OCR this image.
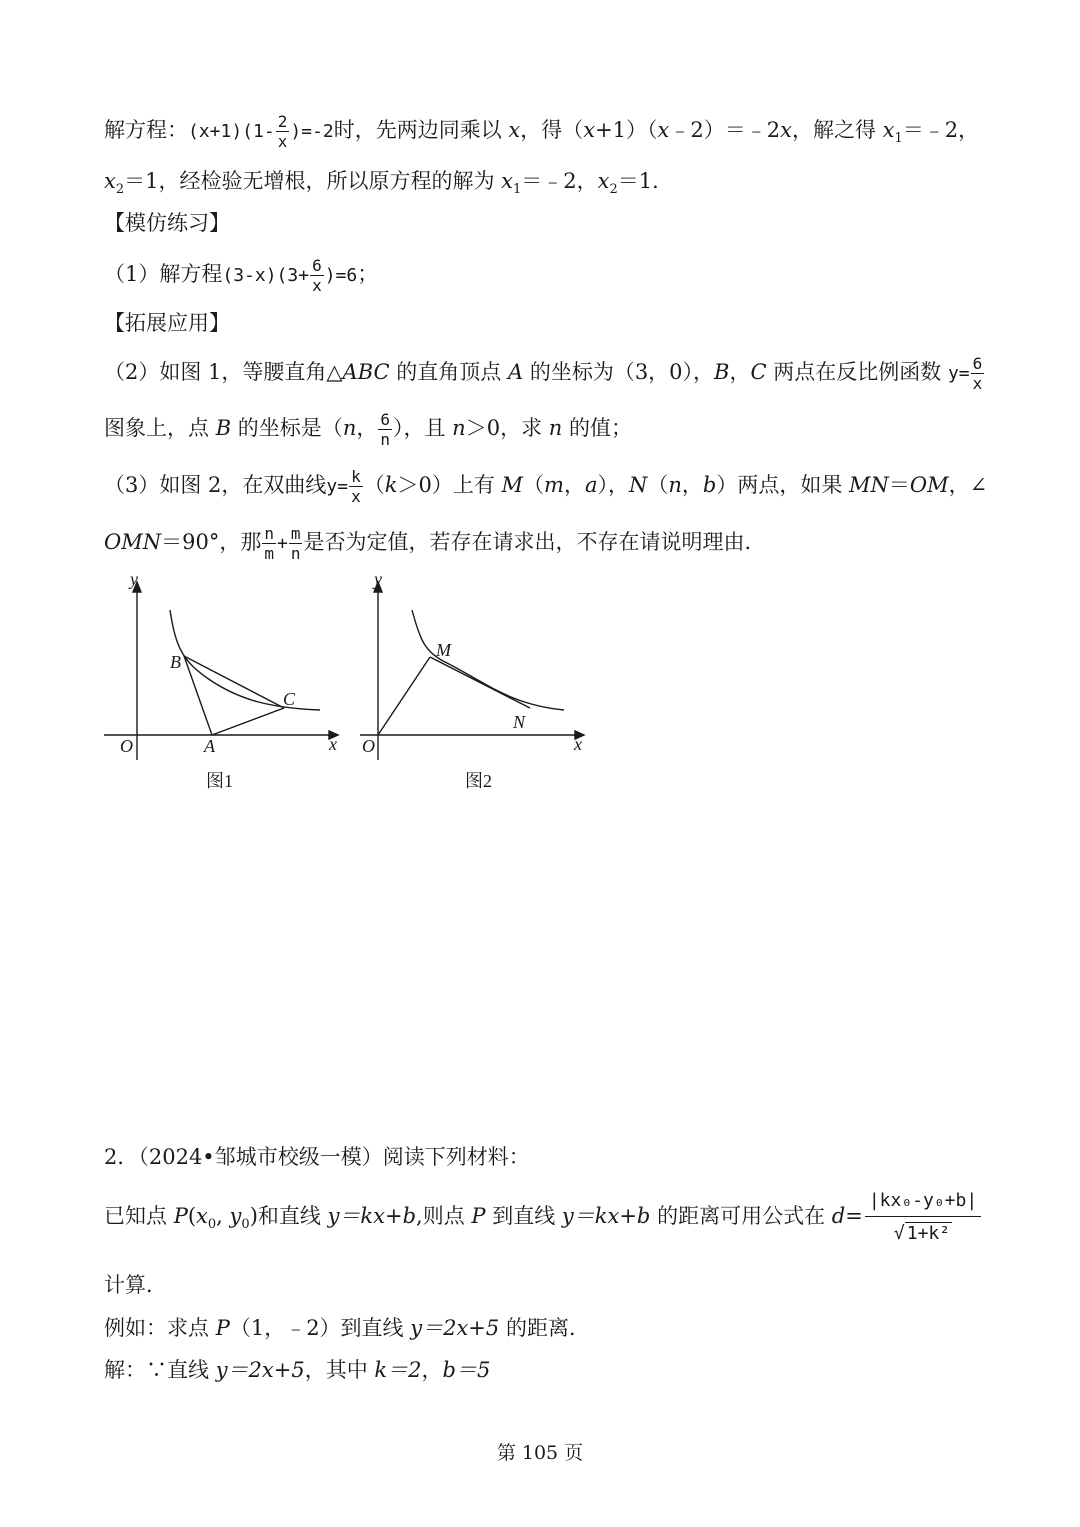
解方程：$(x+1)(1- \frac{2}{x} )=-2$时，先两边同乘以 x，得（x+1）（x﹣2）＝﹣2x，解之得 $x_1=﹣2$，
$x_2=1$，经检验无增根，所以原方程的解为 $x_1=﹣2$，$x_2=1$．
【模仿练习】
（1）解方程$(3-x)(3+ \frac{6}{x} )=6$；
【拓展应用】
（2）如图 1，等腰直角△ABC 的直角顶点 A 的坐标为（3，0），B，C 两点在反比例函数 $y= \frac{6}{x}$
图象上，点 B 的坐标是（n， $\frac{6}{n}$ ），且 n＞0，求 n 的值；
（3）如图 2，在双曲线$y= \frac{k}{x} (k>0)$上有 M（m，a），N（n，b）两点，如果 MN＝OM，∠
OMN＝90°，那 $\frac{n}{m} + \frac{m}{n}$ 是否为定值，若存在请求出，不存在请说明理由．
O	A
B
C
x
y
图1
O
M
N
x
y
图2
2．（2024•邹城市校级一模）阅读下列材料：
已知点 $P(x_0$, $y_0$)和直线 y＝kx+b,则点 P 到直线 y＝kx+b 的距离可用公式在 $d= \frac{\text{|kx₀-y₀+b|}}{\text{√ 1+k²}}$
计算．
例如：求点 P（1，﹣2）到直线 y＝2x+5 的距离．
解：∵直线 y＝2x+5，其中 k＝2，b＝5
第 105 页
